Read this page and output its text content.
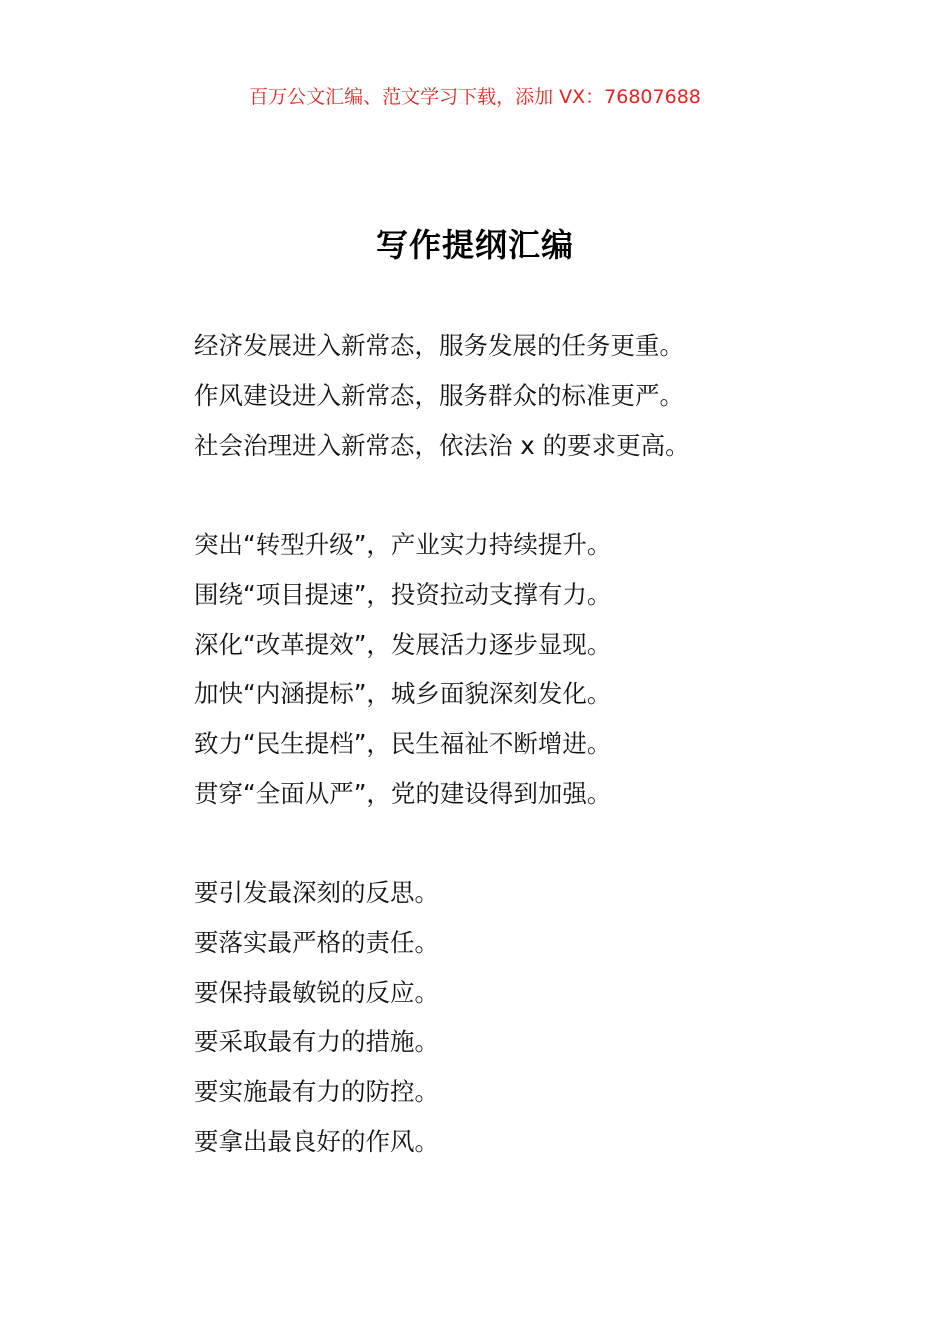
百万公文汇编、范文学习下载，添加 VX：76807688
写作提纲汇编
经济发展进入新常态，服务发展的任务更重。
作风建设进入新常态，服务群众的标准更严。
社会治理进入新常态，依法治 x 的要求更高。
突出“转型升级”，产业实力持续提升。
围绕“项目提速”，投资拉动支撑有力。
深化“改革提效”，发展活力逐步显现。
加快“内涵提标”，城乡面貌深刻发化。
致力“民生提档”，民生福祉不断增进。
贯穿“全面从严”，党的建设得到加强。
要引发最深刻的反思。
要落实最严格的责任。
要保持最敏锐的反应。
要采取最有力的措施。
要实施最有力的防控。
要拿出最良好的作风。
